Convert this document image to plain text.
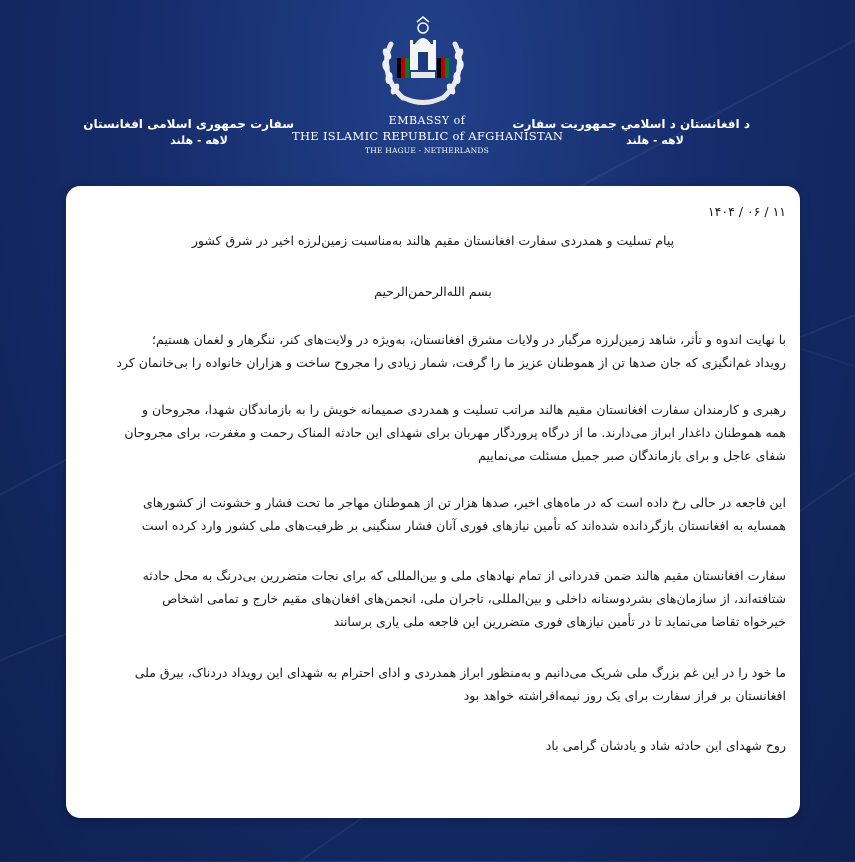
EMBASSY of
THE ISLAMIC REPUBLIC of AFGHANISTAN
THE HAGUE - NETHERLANDS
سفارت جمهوری اسلامی افغانستان
لاهه - هلند
د افغانستان د اسلامي جمهوريت سفارت
لاهه - هلند
۱۱ / ۰۶ / ۱۴۰۴
پیام تسلیت و همدردی سفارت افغانستان مقیم هالند به‌مناسبت زمین‌لرزه اخیر در شرق کشور
بسم الله‌الرحمن‌الرحیم
با نهایت اندوه و تأثر، شاهد زمین‌لرزه مرگبار در ولایات مشرق افغانستان، به‌ویژه در ولایت‌های کنر، ننگرهار و لغمان هستیم؛
رویداد غم‌انگیزی که جان صدها تن از هموطنان عزیز ما را گرفت، شمار زیادی را مجروح ساخت و هزاران خانواده را بی‌خانمان کرد
رهبری و کارمندان سفارت افغانستان مقیم هالند مراتب تسلیت و همدردی صمیمانه خویش را به بازماندگان شهدا، مجروحان و
همه هموطنان داغدار ابراز می‌دارند. ما از درگاه پروردگار مهربان برای شهدای این حادثه المناک رحمت و مغفرت، برای مجروحان
شفای عاجل و برای بازماندگان صبر جمیل مسئلت می‌نماییم
این فاجعه در حالی رخ داده است که در ماه‌های اخیر، صدها هزار تن از هموطنان مهاجر ما تحت فشار و خشونت از کشورهای
همسایه به افغانستان بازگردانده شده‌اند که تأمین نیازهای فوری آنان فشار سنگینی بر ظرفیت‌های ملی کشور وارد کرده است
سفارت افغانستان مقیم هالند ضمن قدردانی از تمام نهادهای ملی و بین‌المللی که برای نجات متضررین بی‌درنگ به محل حادثه
شتافته‌اند، از سازمان‌های بشردوستانه داخلی و بین‌المللی، تاجران ملی، انجمن‌های افغان‌های مقیم خارج و تمامی اشخاص
خیرخواه تقاضا می‌نماید تا در تأمین نیازهای فوری متضررین این فاجعه ملی یاری برسانند
ما خود را در این غم بزرگ ملی شریک می‌دانیم و به‌منظور ابراز همدردی و ادای احترام به شهدای این رویداد دردناک، بیرق ملی
افغانستان بر فراز سفارت برای یک روز نیمه‌افراشته خواهد بود
روح شهدای این حادثه شاد و یادشان گرامی باد
